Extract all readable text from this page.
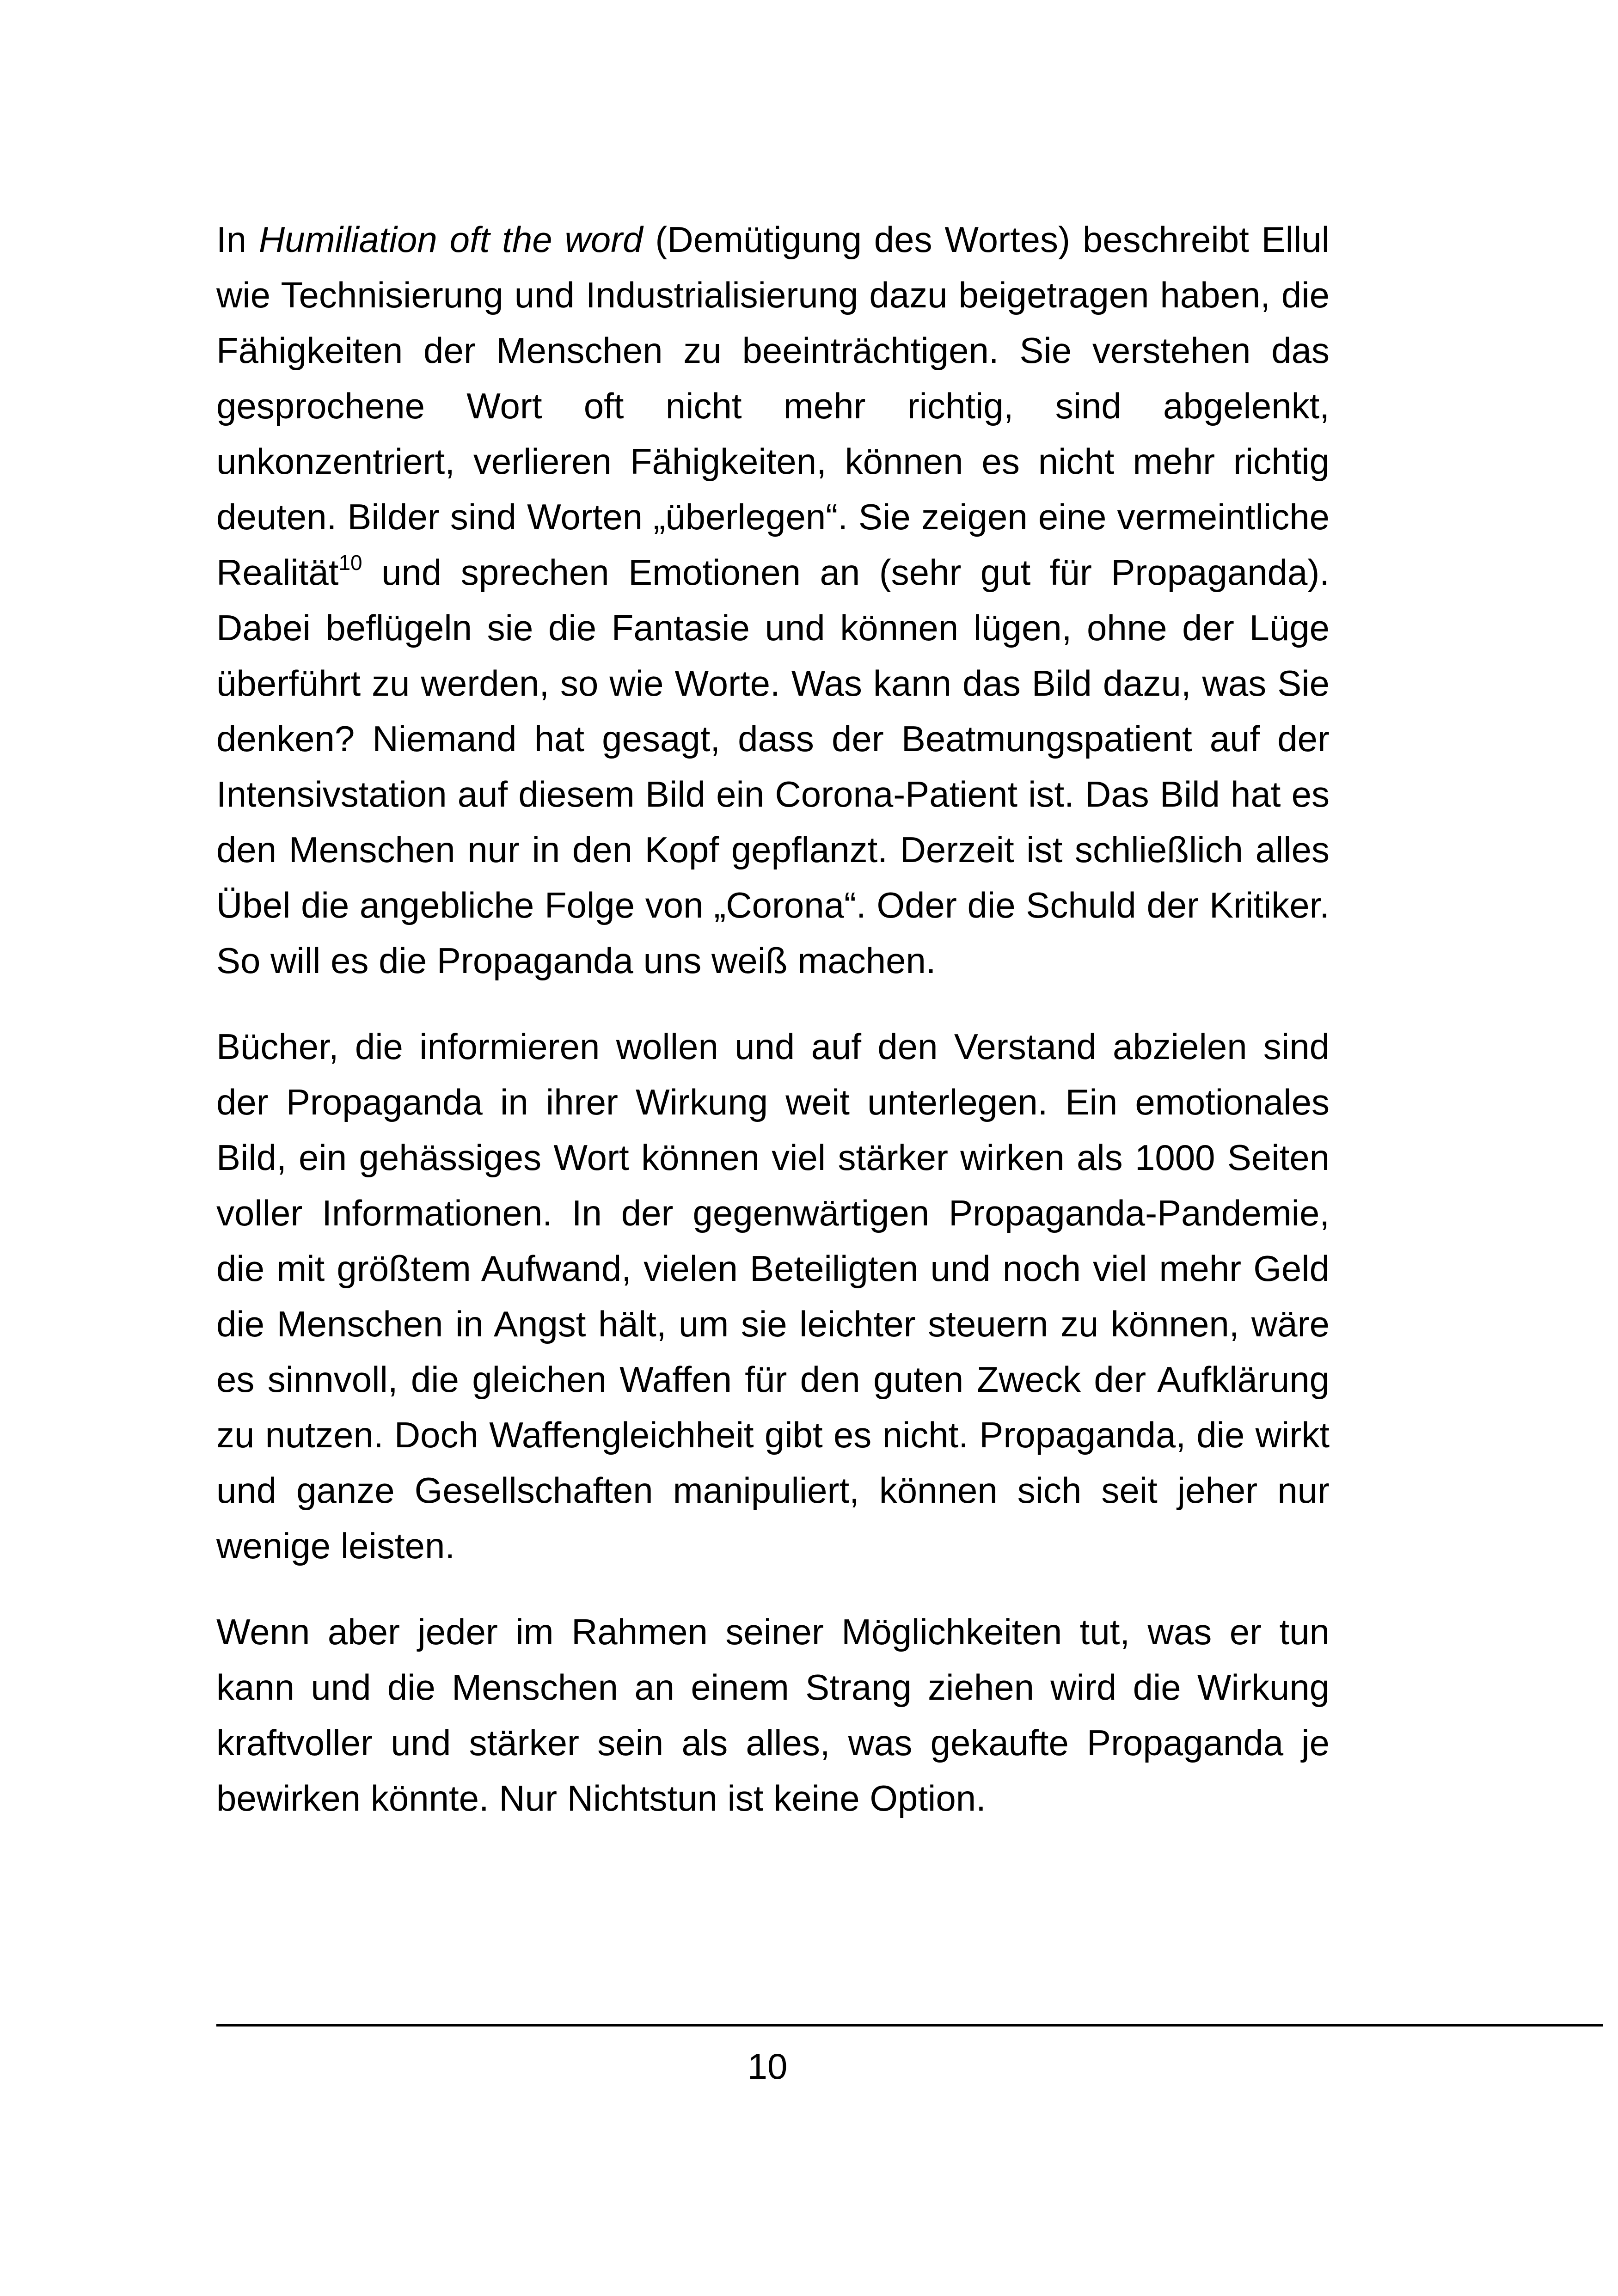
In Humiliation oft the word (Demütigung des Wortes) beschreibt Ellul wie Technisierung und Industrialisierung dazu beigetragen haben, die Fähigkeiten der Menschen zu beeinträchtigen. Sie verstehen das gesprochene Wort oft nicht mehr richtig, sind abgelenkt, unkonzentriert, verlieren Fähigkeiten, können es nicht mehr richtig deuten. Bilder sind Worten „überlegen“. Sie zeigen eine vermeintliche Realität$^{10}$ und sprechen Emotionen an (sehr gut für Propaganda). Dabei beflügeln sie die Fantasie und können lügen, ohne der Lüge überführt zu werden, so wie Worte. Was kann das Bild dazu, was Sie denken? Niemand hat gesagt, dass der Beatmungspatient auf der Intensivstation auf diesem Bild ein Corona-Patient ist. Das Bild hat es den Menschen nur in den Kopf gepflanzt. Derzeit ist schließlich alles Übel die angebliche Folge von „Corona“. Oder die Schuld der Kritiker. So will es die Propaganda uns weiß machen.

Bücher, die informieren wollen und auf den Verstand abzielen sind der Propaganda in ihrer Wirkung weit unterlegen. Ein emotionales Bild, ein gehässiges Wort können viel stärker wirken als 1000 Seiten voller Informationen. In der gegenwärtigen Propaganda-Pandemie, die mit größtem Aufwand, vielen Beteiligten und noch viel mehr Geld die Menschen in Angst hält, um sie leichter steuern zu können, wäre es sinnvoll, die gleichen Waffen für den guten Zweck der Aufklärung zu nutzen. Doch Waffengleichheit gibt es nicht. Propaganda, die wirkt und ganze Gesellschaften manipuliert, können sich seit jeher nur wenige leisten.

Wenn aber jeder im Rahmen seiner Möglichkeiten tut, was er tun kann und die Menschen an einem Strang ziehen wird die Wirkung kraftvoller und stärker sein als alles, was gekaufte Propaganda je bewirken könnte. Nur Nichtstun ist keine Option.

10
